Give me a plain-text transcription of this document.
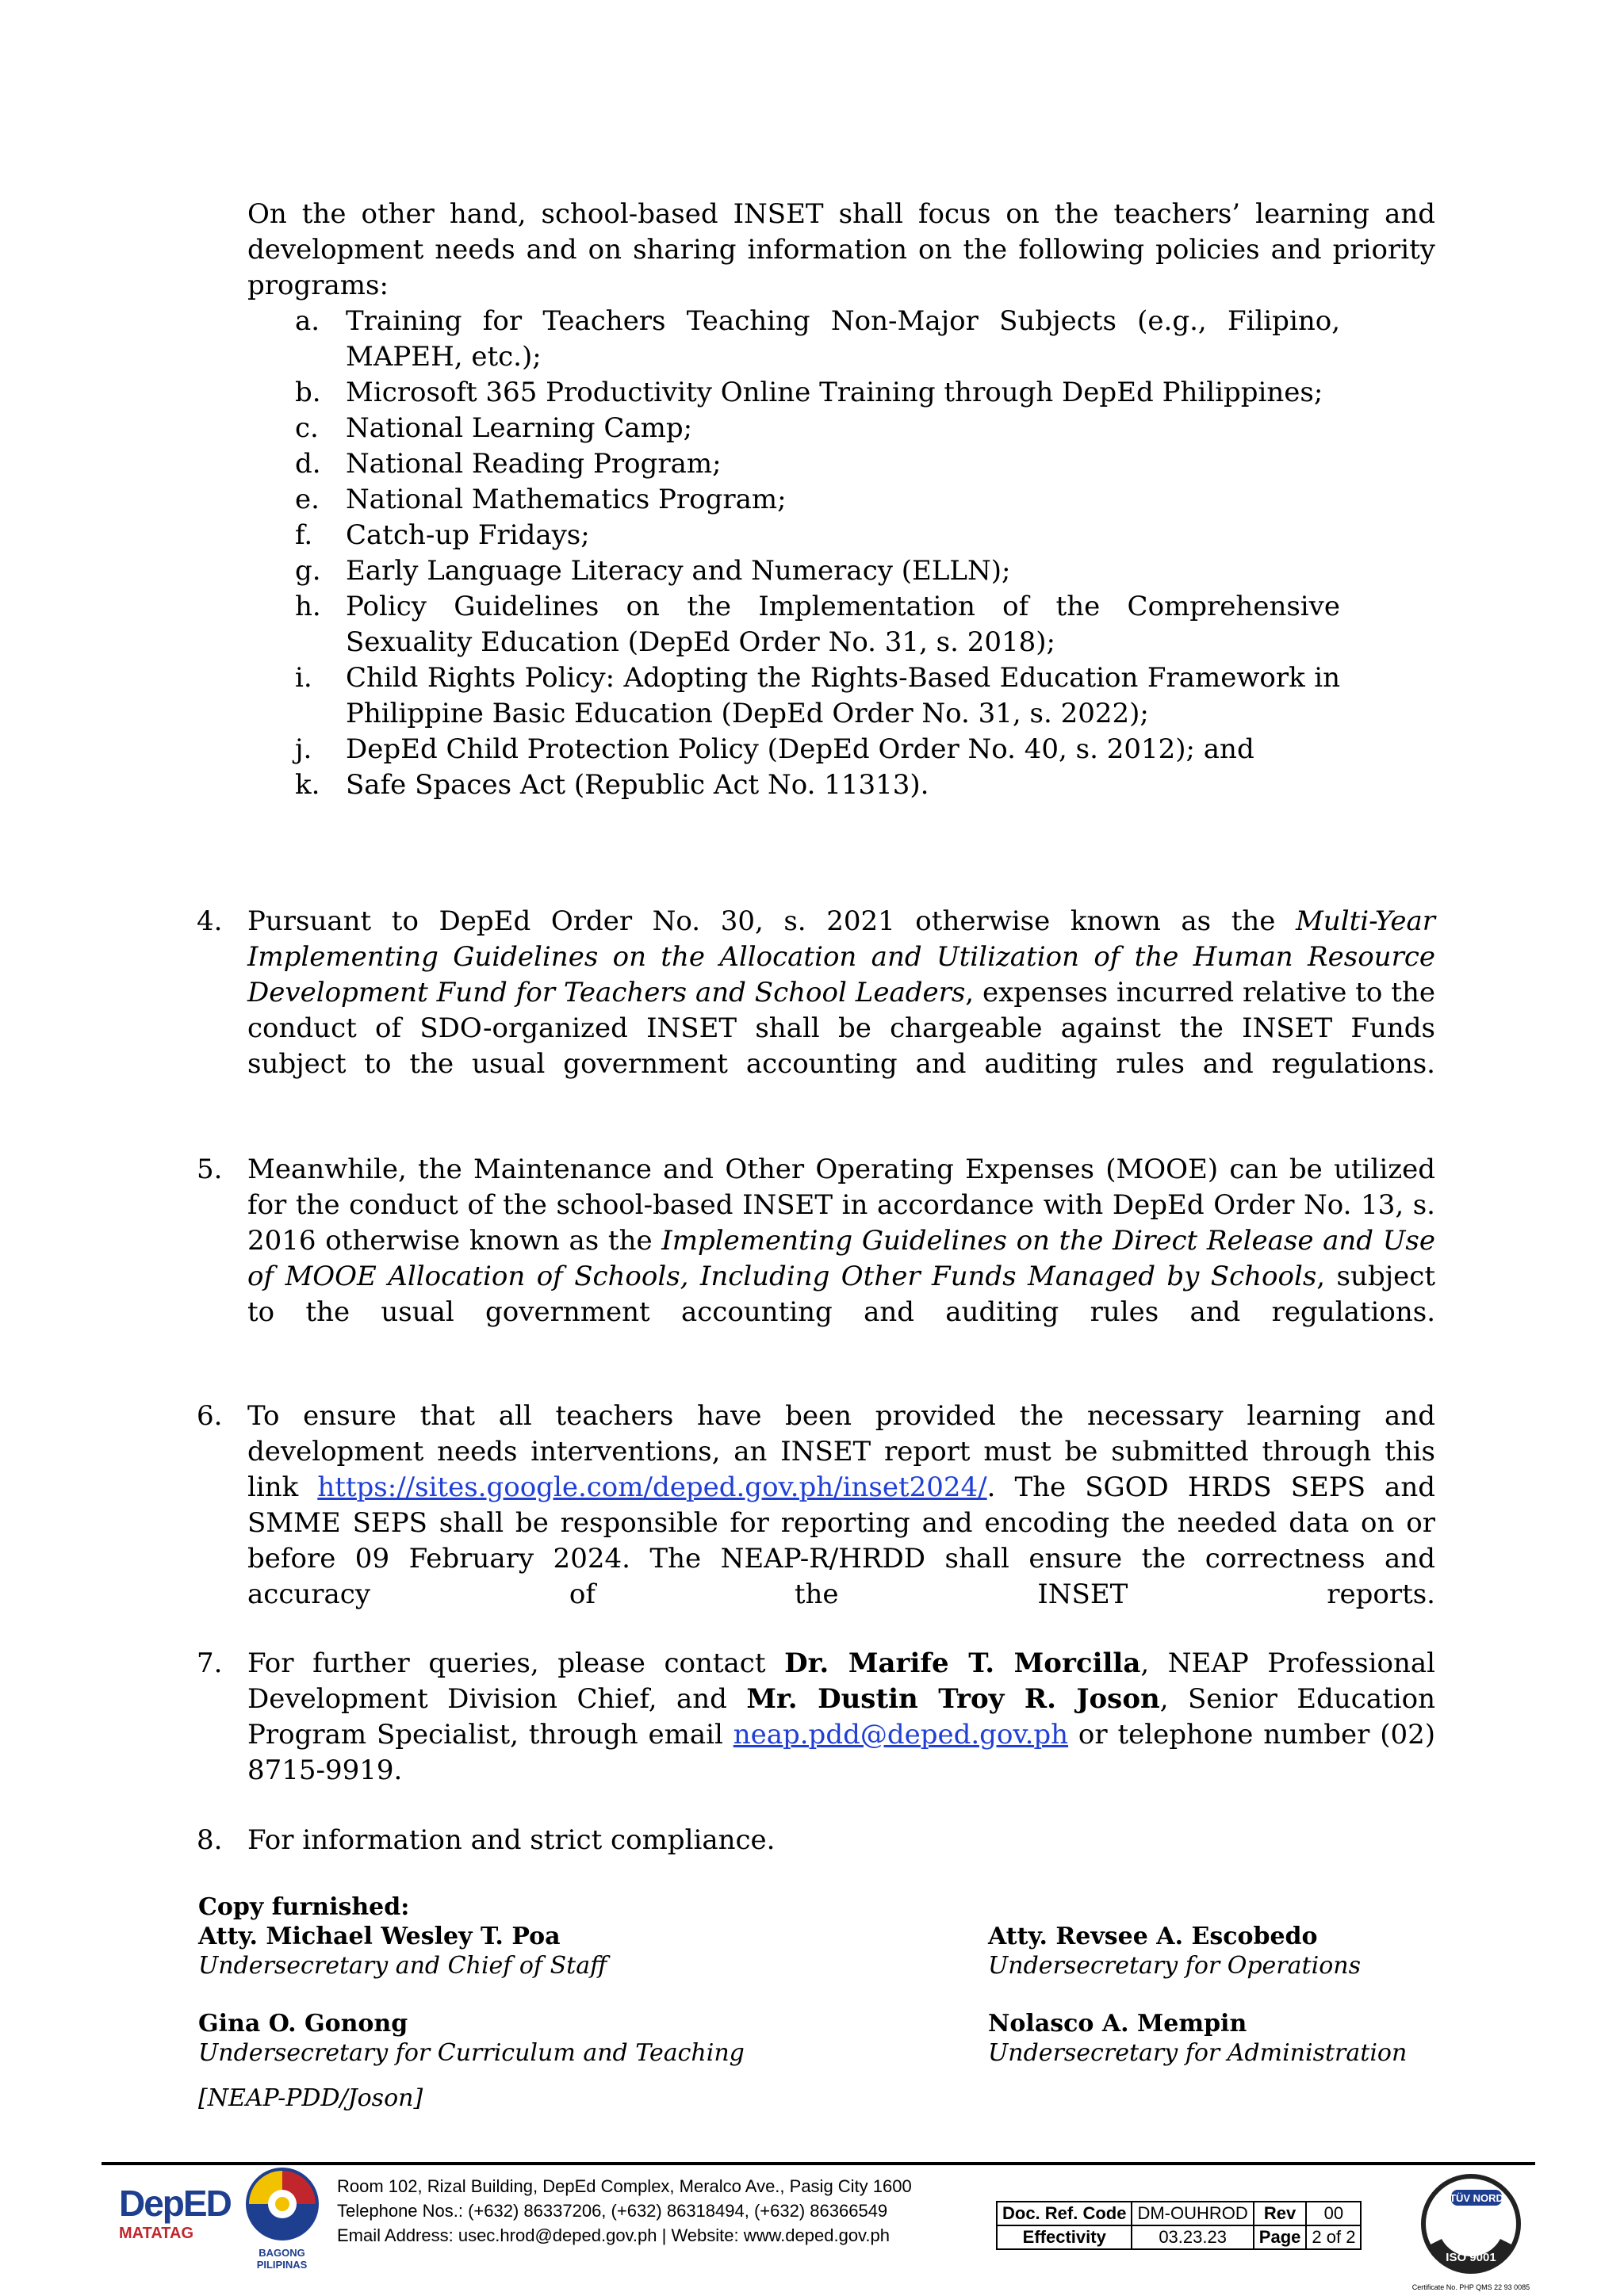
On the other hand, school-based INSET shall focus on the teachers’ learning and development needs and on sharing information on the following policies and priority programs:
a. Training for Teachers Teaching Non-Major Subjects (e.g., Filipino, MAPEH, etc.);
b. Microsoft 365 Productivity Online Training through DepEd Philippines;
c. National Learning Camp;
d. National Reading Program;
e. National Mathematics Program;
f. Catch-up Fridays;
g. Early Language Literacy and Numeracy (ELLN);
h. Policy Guidelines on the Implementation of the Comprehensive Sexuality Education (DepEd Order No. 31, s. 2018);
i. Child Rights Policy: Adopting the Rights-Based Education Framework in Philippine Basic Education (DepEd Order No. 31, s. 2022);
j. DepEd Child Protection Policy (DepEd Order No. 40, s. 2012); and
k. Safe Spaces Act (Republic Act No. 11313).
4. Pursuant to DepEd Order No. 30, s. 2021 otherwise known as the Multi-Year Implementing Guidelines on the Allocation and Utilization of the Human Resource Development Fund for Teachers and School Leaders, expenses incurred relative to the conduct of SDO-organized INSET shall be chargeable against the INSET Funds subject to the usual government accounting and auditing rules and regulations.
5. Meanwhile, the Maintenance and Other Operating Expenses (MOOE) can be utilized for the conduct of the school-based INSET in accordance with DepEd Order No. 13, s. 2016 otherwise known as the Implementing Guidelines on the Direct Release and Use of MOOE Allocation of Schools, Including Other Funds Managed by Schools, subject to the usual government accounting and auditing rules and regulations.
6. To ensure that all teachers have been provided the necessary learning and development needs interventions, an INSET report must be submitted through this link https://sites.google.com/deped.gov.ph/inset2024/. The SGOD HRDS SEPS and SMME SEPS shall be responsible for reporting and encoding the needed data on or before 09 February 2024. The NEAP-R/HRDD shall ensure the correctness and accuracy of the INSET reports.
7. For further queries, please contact Dr. Marife T. Morcilla, NEAP Professional Development Division Chief, and Mr. Dustin Troy R. Joson, Senior Education Program Specialist, through email neap.pdd@deped.gov.ph or telephone number (02) 8715-9919.
8. For information and strict compliance.
Copy furnished:
Atty. Michael Wesley T. Poa
Undersecretary and Chief of Staff
Gina O. Gonong
Undersecretary for Curriculum and Teaching
[NEAP-PDD/Joson]
Atty. Revsee A. Escobedo
Undersecretary for Operations
Nolasco A. Mempin
Undersecretary for Administration
DepED
MATATAG
BAGONG PILIPINAS
Room 102, Rizal Building, DepEd Complex, Meralco Ave., Pasig City 1600
Telephone Nos.: (+632) 86337206, (+632) 86318494, (+632) 86366549
Email Address: usec.hrod@deped.gov.ph | Website: www.deped.gov.ph
Doc. Ref. Code	DM-OUHROD	Rev	00
Effectivity	03.23.23	Page	2 of 2
TÜV NORD
ISO 9001
Certificate No. PHP QMS 22 93 0085
